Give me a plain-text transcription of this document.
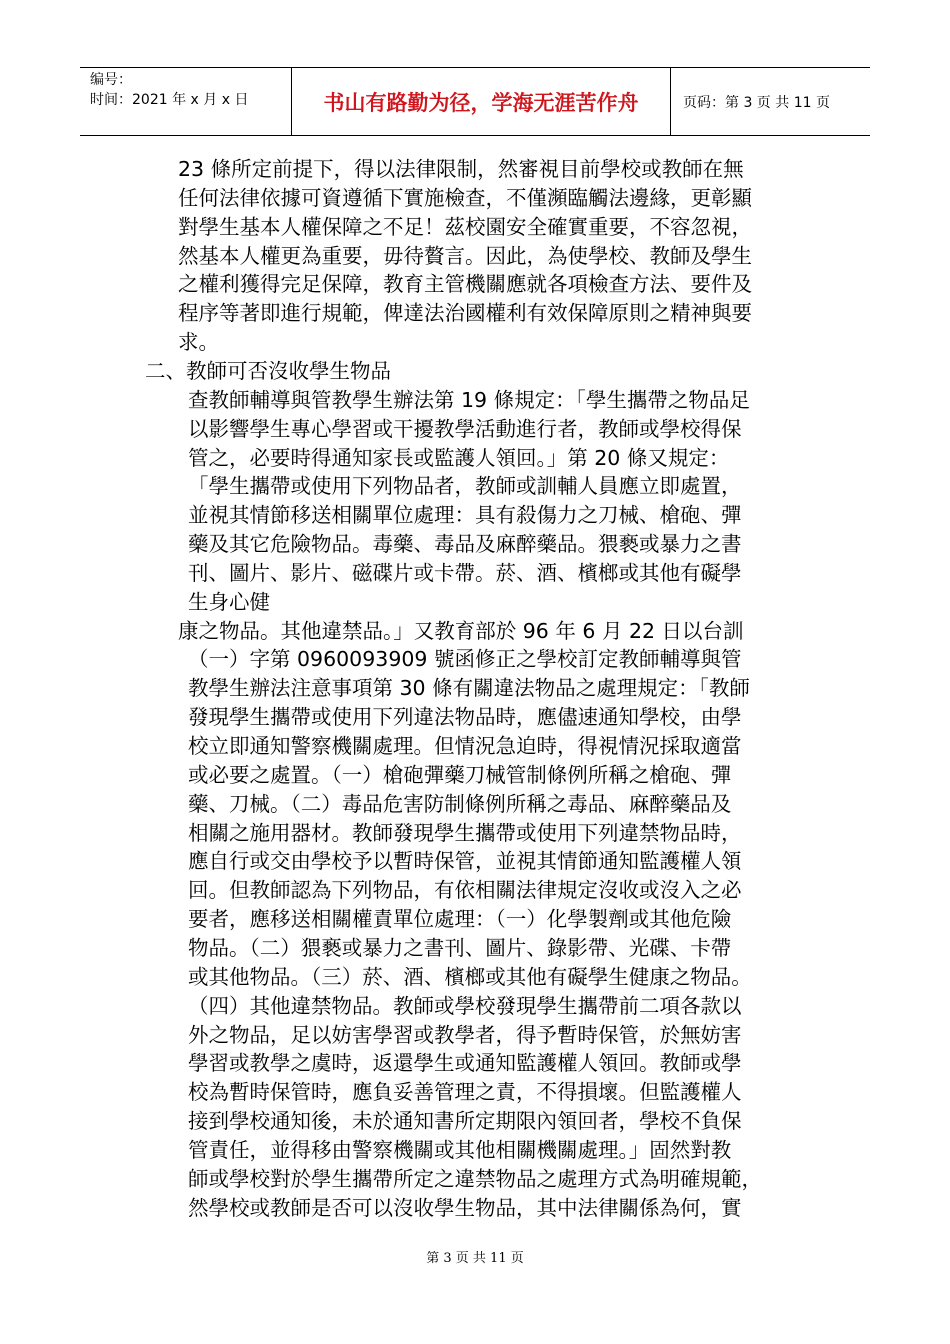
编号：
时间：2021 年 x 月 x 日	书山有路勤为径，学海无涯苦作舟	页码：第 3 页 共 11 页
23 條所定前提下，得以法律限制，然審視目前學校或教師在無
任何法律依據可資遵循下實施檢查，不僅瀕臨觸法邊緣，更彰顯
對學生基本人權保障之不足！茲校園安全確實重要，不容忽視，
然基本人權更為重要，毋待贅言。因此，為使學校、教師及學生
之權利獲得完足保障，教育主管機關應就各項檢查方法、要件及
程序等著即進行規範，俾達法治國權利有效保障原則之精神與要
求。
二、教師可否沒收學生物品
查教師輔導與管教學生辦法第 19 條規定：「學生攜帶之物品足
以影響學生專心學習或干擾教學活動進行者，教師或學校得保
管之，必要時得通知家長或監護人領回。」第 20 條又規定：
「學生攜帶或使用下列物品者，教師或訓輔人員應立即處置，
並視其情節移送相關單位處理：具有殺傷力之刀械、槍砲、彈
藥及其它危險物品。毒藥、毒品及麻醉藥品。猥褻或暴力之書
刊、圖片、影片、磁碟片或卡帶。菸、酒、檳榔或其他有礙學
生身心健
康之物品。其他違禁品。」又教育部於 96 年 6 月 22 日以台訓
（一）字第 0960093909 號函修正之學校訂定教師輔導與管
教學生辦法注意事項第 30 條有關違法物品之處理規定：「教師
發現學生攜帶或使用下列違法物品時，應儘速通知學校，由學
校立即通知警察機關處理。但情況急迫時，得視情況採取適當
或必要之處置。（一）槍砲彈藥刀械管制條例所稱之槍砲、彈
藥、刀械。（二）毒品危害防制條例所稱之毒品、麻醉藥品及
相關之施用器材。教師發現學生攜帶或使用下列違禁物品時，
應自行或交由學校予以暫時保管，並視其情節通知監護權人領
回。但教師認為下列物品，有依相關法律規定沒收或沒入之必
要者，應移送相關權責單位處理：（一）化學製劑或其他危險
物品。（二）猥褻或暴力之書刊、圖片、錄影帶、光碟、卡帶
或其他物品。（三）菸、酒、檳榔或其他有礙學生健康之物品。
（四）其他違禁物品。教師或學校發現學生攜帶前二項各款以
外之物品，足以妨害學習或教學者，得予暫時保管，於無妨害
學習或教學之虞時，返還學生或通知監護權人領回。教師或學
校為暫時保管時，應負妥善管理之責，不得損壞。但監護權人
接到學校通知後，未於通知書所定期限內領回者，學校不負保
管責任，並得移由警察機關或其他相關機關處理。」固然對教
師或學校對於學生攜帶所定之違禁物品之處理方式為明確規範，
然學校或教師是否可以沒收學生物品，其中法律關係為何，實
第 3 页 共 11 页
